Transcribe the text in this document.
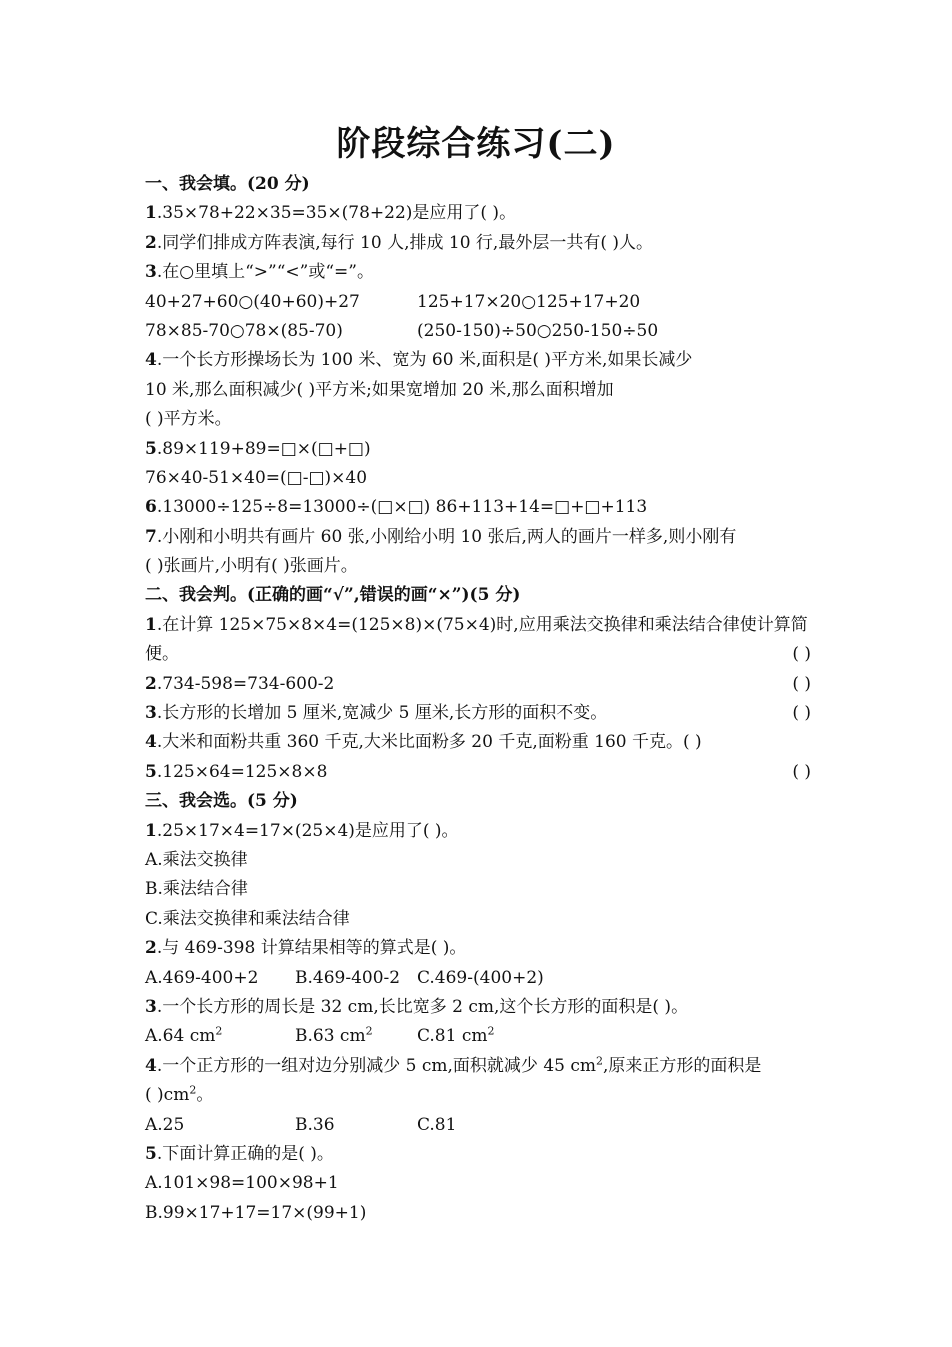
阶段综合练习(二)
一、我会填。(20 分)
1.35×78+22×35=35×(78+22)是应用了( )。
2.同学们排成方阵表演,每行 10 人,排成 10 行,最外层一共有( )人。
3.在○里填上“>”“<”或“=”。
40+27+60○(40+60)+27	125+17×20○125+17+20
78×85-70○78×(85-70)	(250-150)÷50○250-150÷50
4.一个长方形操场长为 100 米、宽为 60 米,面积是( )平方米,如果长减少
10 米,那么面积减少( )平方米;如果宽增加 20 米,那么面积增加
( )平方米。
5.89×119+89=□×(□+□)
76×40-51×40=(□-□)×40
6.13000÷125÷8=13000÷(□×□) 86+113+14=□+□+113
7.小刚和小明共有画片 60 张,小刚给小明 10 张后,两人的画片一样多,则小刚有
( )张画片,小明有( )张画片。
二、我会判。(正确的画“√”,错误的画“×”)(5 分)
1.在计算 125×75×8×4=(125×8)×(75×4)时,应用乘法交换律和乘法结合律使计算简
便。	( )
2.734-598=734-600-2	( )
3.长方形的长增加 5 厘米,宽减少 5 厘米,长方形的面积不变。	( )
4.大米和面粉共重 360 千克,大米比面粉多 20 千克,面粉重 160 千克。( )
5.125×64=125×8×8	( )
三、我会选。(5 分)
1.25×17×4=17×(25×4)是应用了( )。
A.乘法交换律
B.乘法结合律
C.乘法交换律和乘法结合律
2.与 469-398 计算结果相等的算式是( )。
A.469-400+2 B.469-400-2 C.469-(400+2)
3.一个长方形的周长是 32 cm,长比宽多 2 cm,这个长方形的面积是( )。
A.64 $cm^2$	B.63 $cm^2$	C.81 $cm^2$
4.一个正方形的一组对边分别减少 5 cm,面积就减少 45 $cm^2$,原来正方形的面积是
( )$cm^2$。
A.25	B.36	C.81
5.下面计算正确的是( )。
A.101×98=100×98+1
B.99×17+17=17×(99+1)
